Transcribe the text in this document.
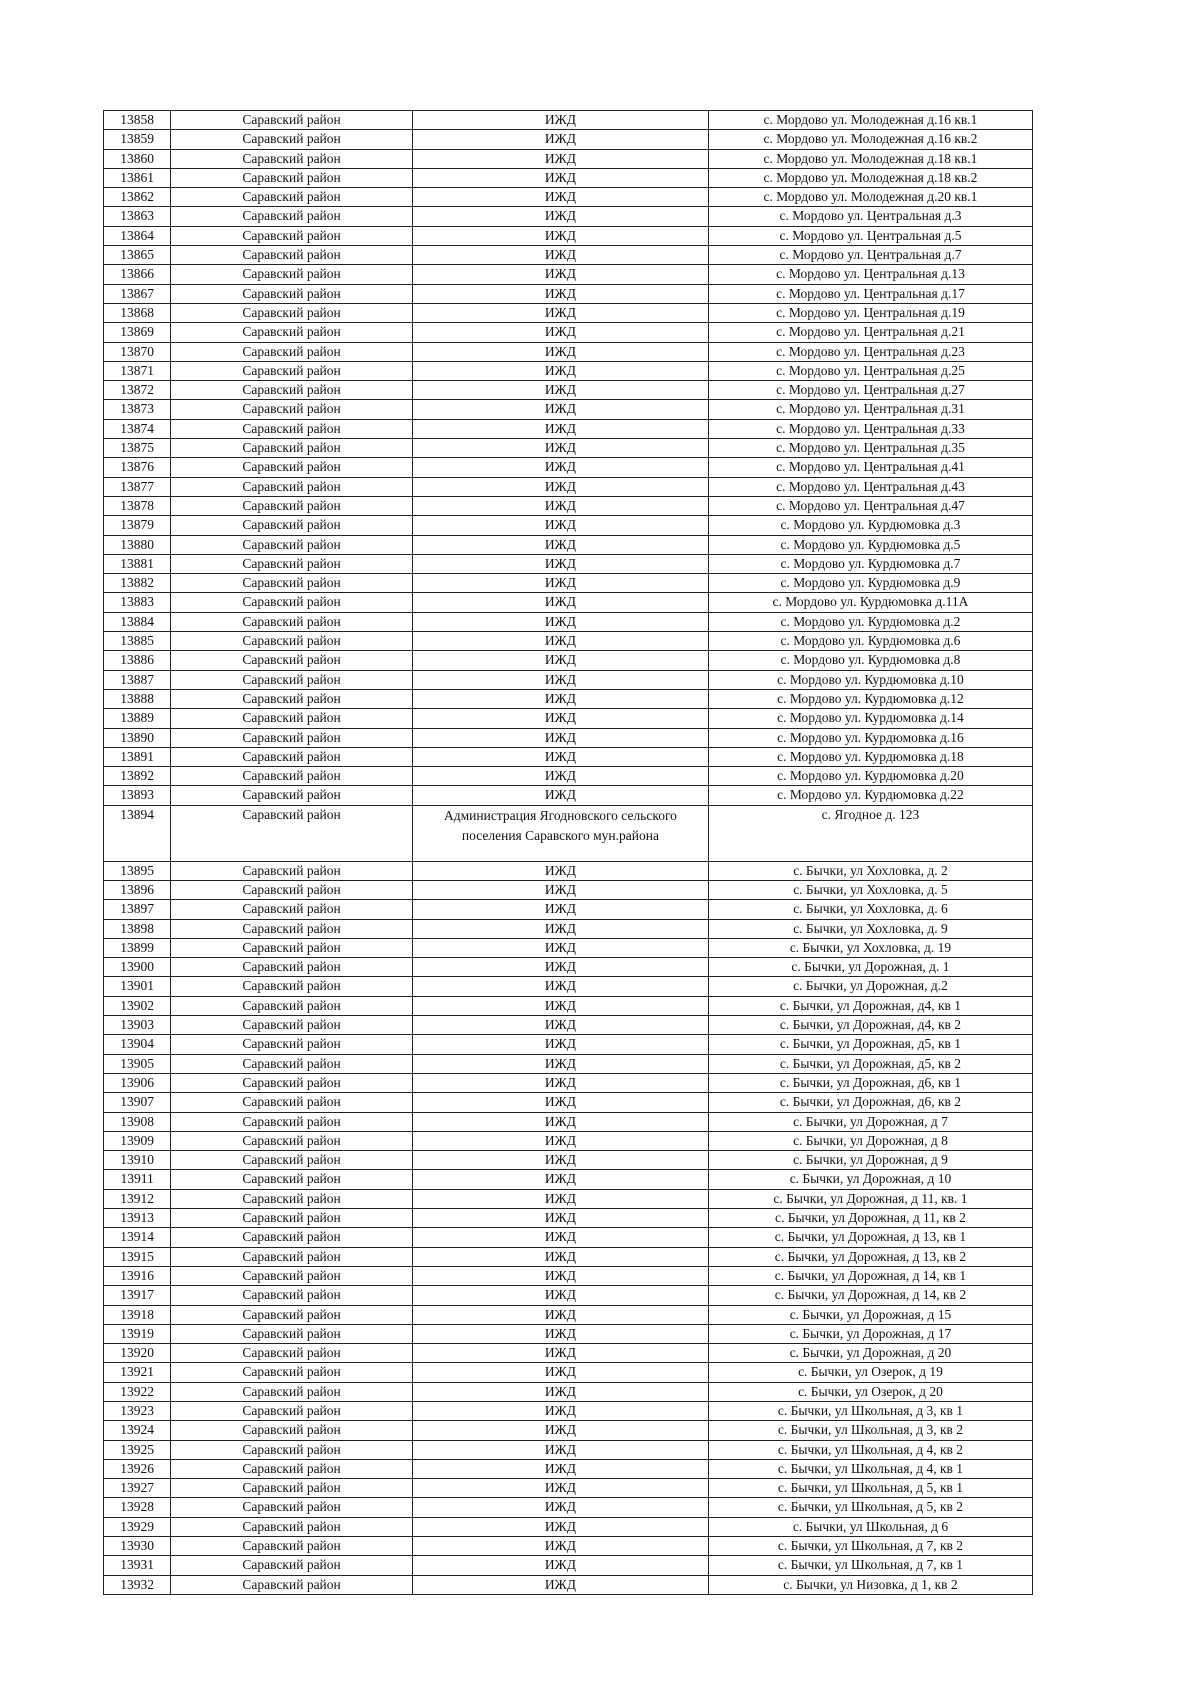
13858	Саравский район	ИЖД	с. Мордово ул. Молодежная д.16 кв.1
13859	Саравский район	ИЖД	с. Мордово ул. Молодежная д.16 кв.2
13860	Саравский район	ИЖД	с. Мордово ул. Молодежная д.18 кв.1
13861	Саравский район	ИЖД	с. Мордово ул. Молодежная д.18 кв.2
13862	Саравский район	ИЖД	с. Мордово ул. Молодежная д.20 кв.1
13863	Саравский район	ИЖД	с. Мордово ул. Центральная д.3
13864	Саравский район	ИЖД	с. Мордово ул. Центральная д.5
13865	Саравский район	ИЖД	с. Мордово ул. Центральная д.7
13866	Саравский район	ИЖД	с. Мордово ул. Центральная д.13
13867	Саравский район	ИЖД	с. Мордово ул. Центральная д.17
13868	Саравский район	ИЖД	с. Мордово ул. Центральная д.19
13869	Саравский район	ИЖД	с. Мордово ул. Центральная д.21
13870	Саравский район	ИЖД	с. Мордово ул. Центральная д.23
13871	Саравский район	ИЖД	с. Мордово ул. Центральная д.25
13872	Саравский район	ИЖД	с. Мордово ул. Центральная д.27
13873	Саравский район	ИЖД	с. Мордово ул. Центральная д.31
13874	Саравский район	ИЖД	с. Мордово ул. Центральная д.33
13875	Саравский район	ИЖД	с. Мордово ул. Центральная д.35
13876	Саравский район	ИЖД	с. Мордово ул. Центральная д.41
13877	Саравский район	ИЖД	с. Мордово ул. Центральная д.43
13878	Саравский район	ИЖД	с. Мордово ул. Центральная д.47
13879	Саравский район	ИЖД	с. Мордово ул. Курдюмовка д.3
13880	Саравский район	ИЖД	с. Мордово ул. Курдюмовка д.5
13881	Саравский район	ИЖД	с. Мордово ул. Курдюмовка д.7
13882	Саравский район	ИЖД	с. Мордово ул. Курдюмовка д.9
13883	Саравский район	ИЖД	с. Мордово ул. Курдюмовка д.11А
13884	Саравский район	ИЖД	с. Мордово ул. Курдюмовка д.2
13885	Саравский район	ИЖД	с. Мордово ул. Курдюмовка д.6
13886	Саравский район	ИЖД	с. Мордово ул. Курдюмовка д.8
13887	Саравский район	ИЖД	с. Мордово ул. Курдюмовка д.10
13888	Саравский район	ИЖД	с. Мордово ул. Курдюмовка д.12
13889	Саравский район	ИЖД	с. Мордово ул. Курдюмовка д.14
13890	Саравский район	ИЖД	с. Мордово ул. Курдюмовка д.16
13891	Саравский район	ИЖД	с. Мордово ул. Курдюмовка д.18
13892	Саравский район	ИЖД	с. Мордово ул. Курдюмовка д.20
13893	Саравский район	ИЖД	с. Мордово ул. Курдюмовка д.22
13894	Саравский район	Администрация Ягодновского сельского поселения Саравского мун.района	с. Ягодное д. 123
13895	Саравский район	ИЖД	с. Бычки, ул Хохловка, д. 2
13896	Саравский район	ИЖД	с. Бычки, ул Хохловка, д. 5
13897	Саравский район	ИЖД	с. Бычки, ул Хохловка, д. 6
13898	Саравский район	ИЖД	с. Бычки, ул Хохловка, д. 9
13899	Саравский район	ИЖД	с. Бычки, ул Хохловка, д. 19
13900	Саравский район	ИЖД	с. Бычки, ул Дорожная, д. 1
13901	Саравский район	ИЖД	с. Бычки, ул Дорожная, д.2
13902	Саравский район	ИЖД	с. Бычки, ул Дорожная, д4, кв 1
13903	Саравский район	ИЖД	с. Бычки, ул Дорожная, д4, кв 2
13904	Саравский район	ИЖД	с. Бычки, ул Дорожная, д5, кв 1
13905	Саравский район	ИЖД	с. Бычки, ул Дорожная, д5, кв 2
13906	Саравский район	ИЖД	с. Бычки, ул Дорожная, д6, кв 1
13907	Саравский район	ИЖД	с. Бычки, ул Дорожная, д6, кв 2
13908	Саравский район	ИЖД	с. Бычки, ул Дорожная, д 7
13909	Саравский район	ИЖД	с. Бычки, ул Дорожная, д 8
13910	Саравский район	ИЖД	с. Бычки, ул Дорожная, д 9
13911	Саравский район	ИЖД	с. Бычки, ул Дорожная, д 10
13912	Саравский район	ИЖД	с. Бычки, ул Дорожная, д 11, кв. 1
13913	Саравский район	ИЖД	с. Бычки, ул Дорожная, д 11, кв 2
13914	Саравский район	ИЖД	с. Бычки, ул Дорожная, д 13, кв 1
13915	Саравский район	ИЖД	с. Бычки, ул Дорожная, д 13, кв 2
13916	Саравский район	ИЖД	с. Бычки, ул Дорожная, д 14, кв 1
13917	Саравский район	ИЖД	с. Бычки, ул Дорожная, д 14, кв 2
13918	Саравский район	ИЖД	с. Бычки, ул Дорожная, д 15
13919	Саравский район	ИЖД	с. Бычки, ул Дорожная, д 17
13920	Саравский район	ИЖД	с. Бычки, ул Дорожная, д 20
13921	Саравский район	ИЖД	с. Бычки, ул Озерок, д 19
13922	Саравский район	ИЖД	с. Бычки, ул Озерок, д 20
13923	Саравский район	ИЖД	с. Бычки, ул Школьная, д 3, кв 1
13924	Саравский район	ИЖД	с. Бычки, ул Школьная, д 3, кв 2
13925	Саравский район	ИЖД	с. Бычки, ул Школьная, д 4, кв 2
13926	Саравский район	ИЖД	с. Бычки, ул Школьная, д 4, кв 1
13927	Саравский район	ИЖД	с. Бычки, ул Школьная, д 5, кв 1
13928	Саравский район	ИЖД	с. Бычки, ул Школьная, д 5, кв 2
13929	Саравский район	ИЖД	с. Бычки, ул Школьная, д 6
13930	Саравский район	ИЖД	с. Бычки, ул Школьная, д 7, кв 2
13931	Саравский район	ИЖД	с. Бычки, ул Школьная, д 7, кв 1
13932	Саравский район	ИЖД	с. Бычки, ул Низовка, д 1, кв 2
